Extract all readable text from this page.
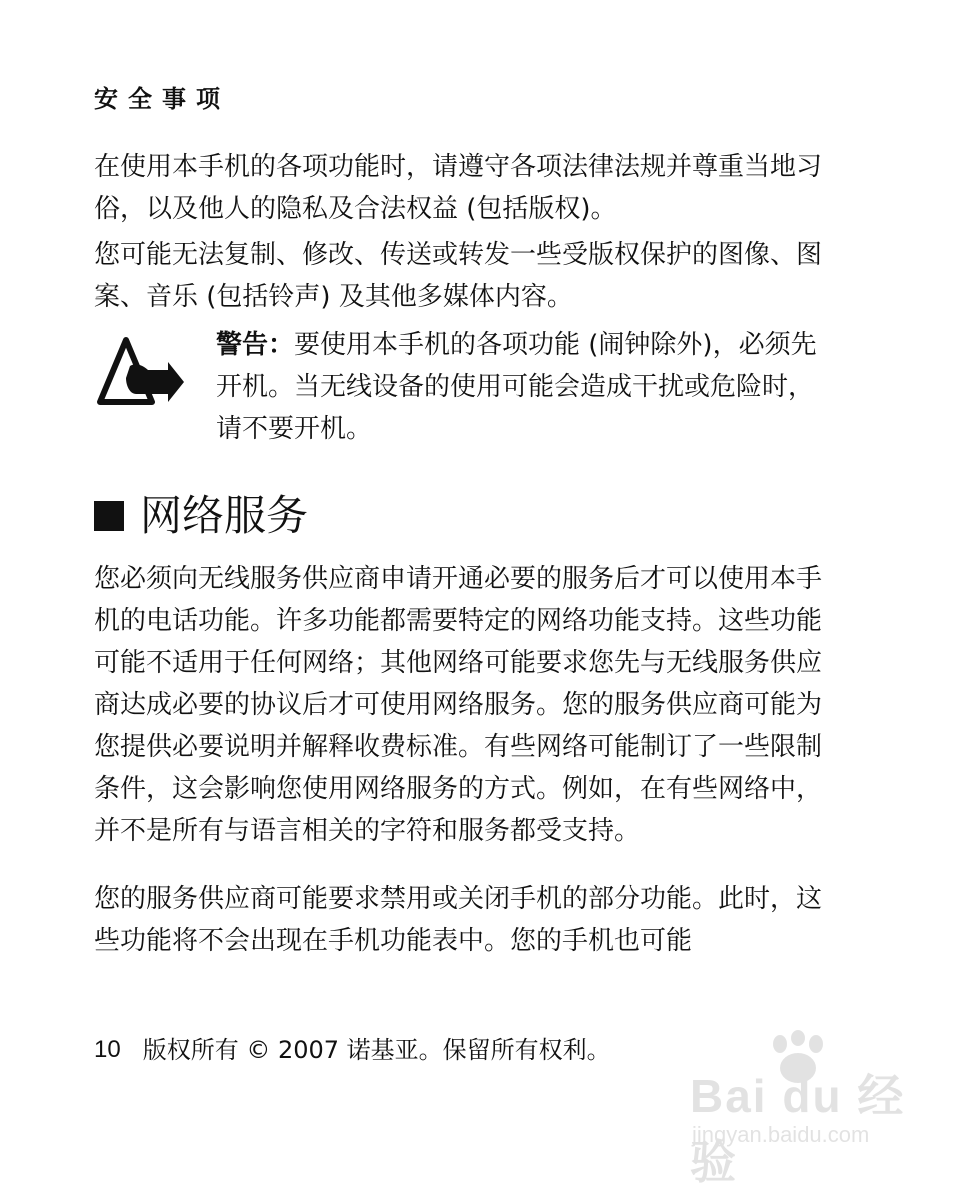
安全事项

在使用本手机的各项功能时，请遵守各项法律法规并尊重当地习俗，以及他人的隐私及合法权益 (包括版权)。

您可能无法复制、修改、传送或转发一些受版权保护的图像、图案、音乐 (包括铃声) 及其他多媒体内容。

警告：要使用本手机的各项功能 (闹钟除外)，必须先开机。当无线设备的使用可能会造成干扰或危险时，请不要开机。
网络服务

您必须向无线服务供应商申请开通必要的服务后才可以使用本手机的电话功能。许多功能都需要特定的网络功能支持。这些功能可能不适用于任何网络；其他网络可能要求您先与无线服务供应商达成必要的协议后才可使用网络服务。您的服务供应商可能为您提供必要说明并解释收费标准。有些网络可能制订了一些限制条件，这会影响您使用网络服务的方式。例如，在有些网络中，并不是所有与语言相关的字符和服务都受支持。

您的服务供应商可能要求禁用或关闭手机的部分功能。此时，这些功能将不会出现在手机功能表中。您的手机也可能

10 版权所有 © 2007 诺基亚。保留所有权利。
Bai du 经验
jingyan.baidu.com
